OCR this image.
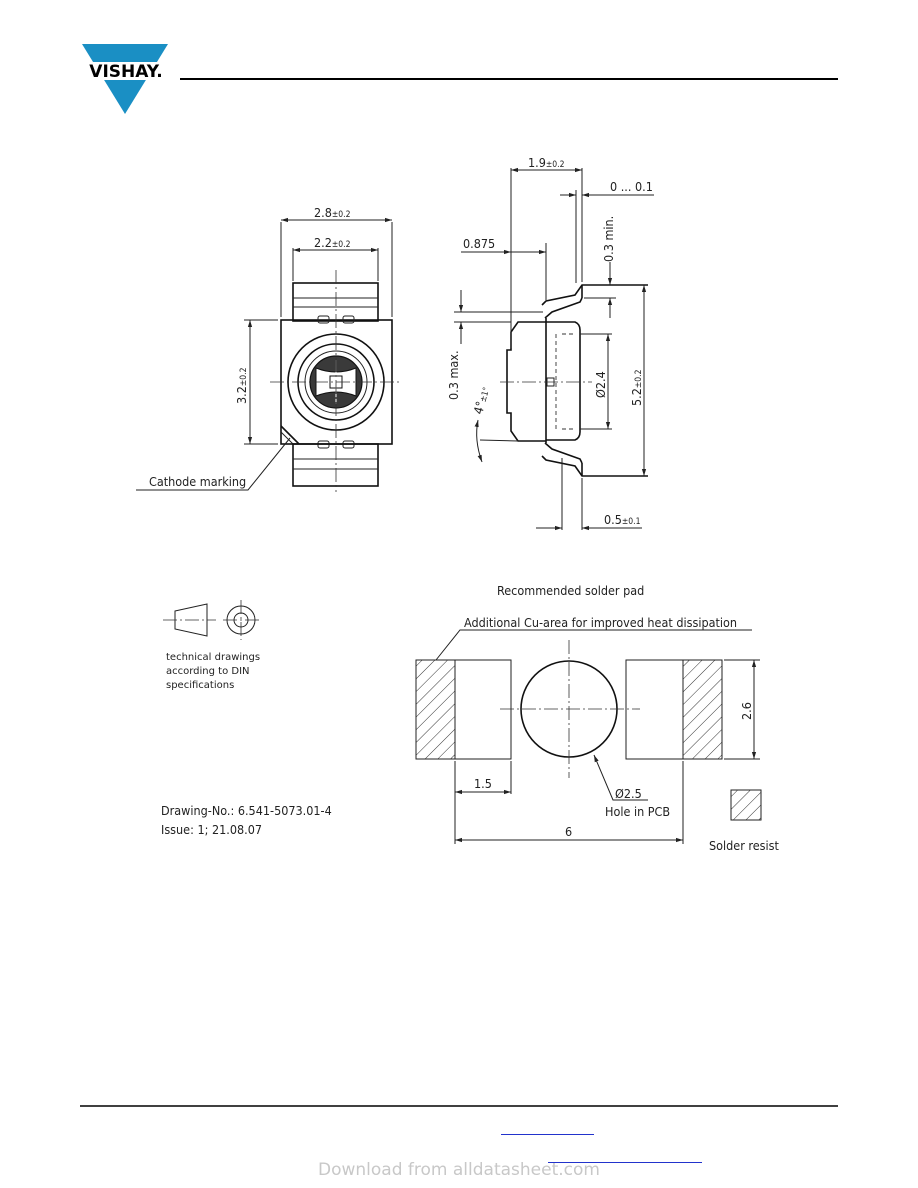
VISHAY.
2.8±0.2
2.2±0.2
3.2±0.2
Cathode marking
1.9±0.2
0 ... 0.1
0.875	0.3 min.
0.3 max.
4°±1°	Ø2.4 5.2±0.2
0.5±0.1
technical drawings
according to DIN
specifications
Recommended solder pad
Additional Cu-area for improved heat dissipation
2.6
1.5
6
Ø2.5
Hole in PCB
Solder resist
Drawing-No.: 6.541-5073.01-4
Issue: 1; 21.08.07
Download from alldatasheet.com
